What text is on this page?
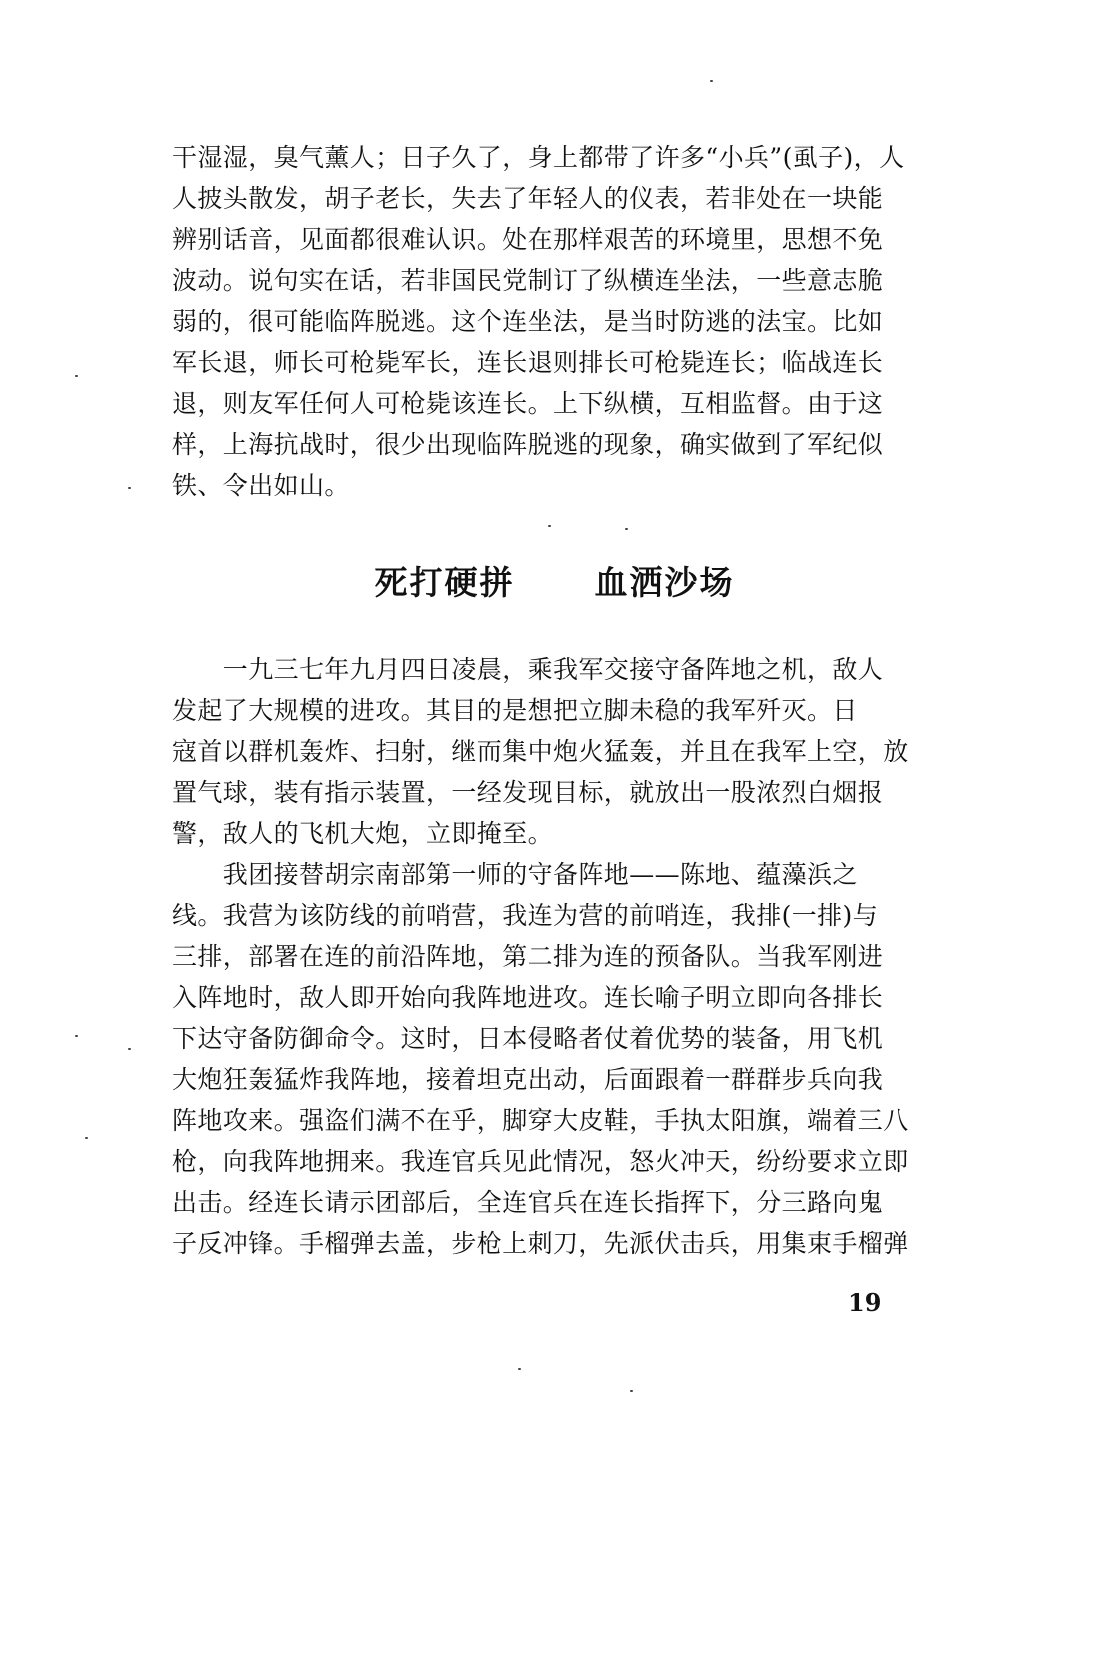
干湿湿，臭气薰人；日子久了，身上都带了许多“小兵”(虱子)，人
人披头散发，胡子老长，失去了年轻人的仪表，若非处在一块能
辨别话音，见面都很难认识。处在那样艰苦的环境里，思想不免
波动。说句实在话，若非国民党制订了纵横连坐法，一些意志脆
弱的，很可能临阵脱逃。这个连坐法，是当时防逃的法宝。比如
军长退，师长可枪毙军长，连长退则排长可枪毙连长；临战连长
退，则友军任何人可枪毙该连长。上下纵横，互相监督。由于这
样，上海抗战时，很少出现临阵脱逃的现象，确实做到了军纪似
铁、令出如山。
死打硬拼 血洒沙场
　　一九三七年九月四日凌晨，乘我军交接守备阵地之机，敌人
发起了大规模的进攻。其目的是想把立脚未稳的我军歼灭。日
寇首以群机轰炸、扫射，继而集中炮火猛轰，并且在我军上空，放
置气球，装有指示装置，一经发现目标，就放出一股浓烈白烟报
警，敌人的飞机大炮，立即掩至。
　　我团接替胡宗南部第一师的守备阵地——陈地、蕴藻浜之
线。我营为该防线的前哨营，我连为营的前哨连，我排(一排)与
三排，部署在连的前沿阵地，第二排为连的预备队。当我军刚进
入阵地时，敌人即开始向我阵地进攻。连长喻子明立即向各排长
下达守备防御命令。这时，日本侵略者仗着优势的装备，用飞机
大炮狂轰猛炸我阵地，接着坦克出动，后面跟着一群群步兵向我
阵地攻来。强盗们满不在乎，脚穿大皮鞋，手执太阳旗，端着三八
枪，向我阵地拥来。我连官兵见此情况，怒火冲天，纷纷要求立即
出击。经连长请示团部后，全连官兵在连长指挥下，分三路向鬼
子反冲锋。手榴弹去盖，步枪上刺刀，先派伏击兵，用集束手榴弹
19
